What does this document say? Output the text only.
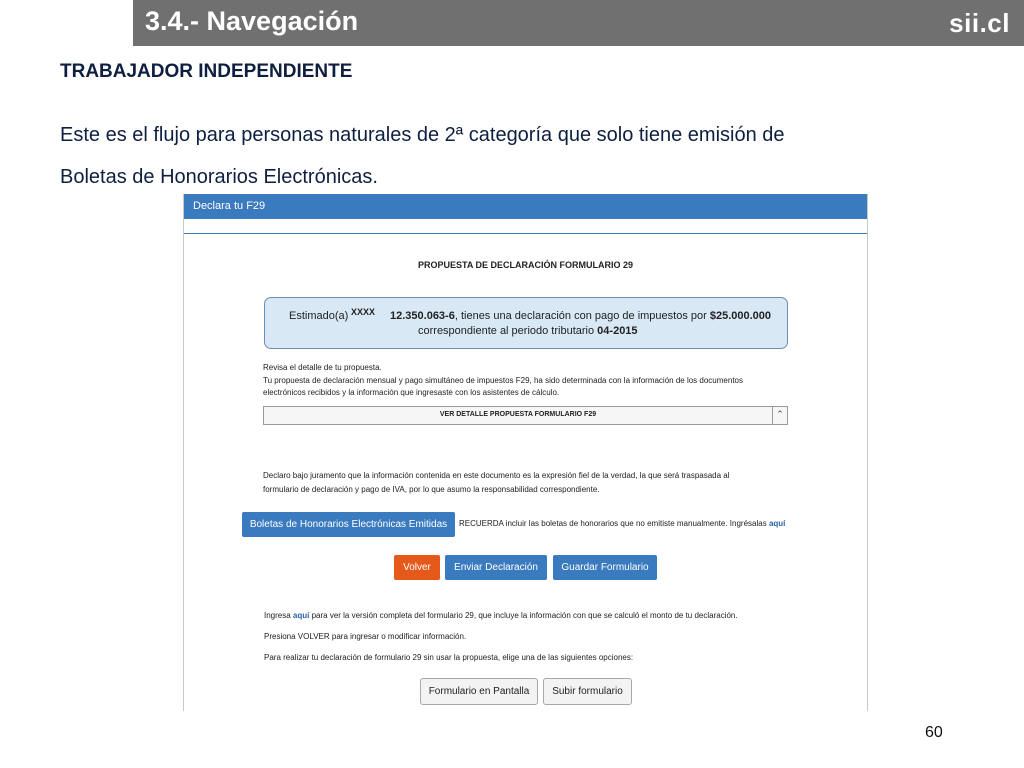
3.4.- Navegación	sii.cl
TRABAJADOR INDEPENDIENTE
Este es el flujo para personas naturales de 2ª categoría que solo tiene emisión de
Boletas de Honorarios Electrónicas.
Declara tu F29
PROPUESTA DE DECLARACIÓN FORMULARIO 29
Estimado(a) XXXX 12.350.063-6, tienes una declaración con pago de impuestos por $25.000.000
correspondiente al periodo tributario 04-2015
Revisa el detalle de tu propuesta.
Tu propuesta de declaración mensual y pago simultáneo de impuestos F29, ha sido determinada con la información de los documentos
electrónicos recibidos y la información que ingresaste con los asistentes de cálculo.
VER DETALLE PROPUESTA FORMULARIO F29	⌃
Declaro bajo juramento que la información contenida en este documento es la expresión fiel de la verdad, la que será traspasada al
formulario de declaración y pago de IVA, por lo que asumo la responsabilidad correspondiente.
Boletas de Honorarios Electrónicas Emitidas	RECUERDA incluir las boletas de honorarios que no emitiste manualmente. Ingrésalas aquí
Volver	Enviar Declaración	Guardar Formulario
Ingresa aquí para ver la versión completa del formulario 29, que incluye la información con que se calculó el monto de tu declaración.
Presiona VOLVER para ingresar o modificar información.
Para realizar tu declaración de formulario 29 sin usar la propuesta, elige una de las siguientes opciones:
Formulario en Pantalla	Subir formulario
60
